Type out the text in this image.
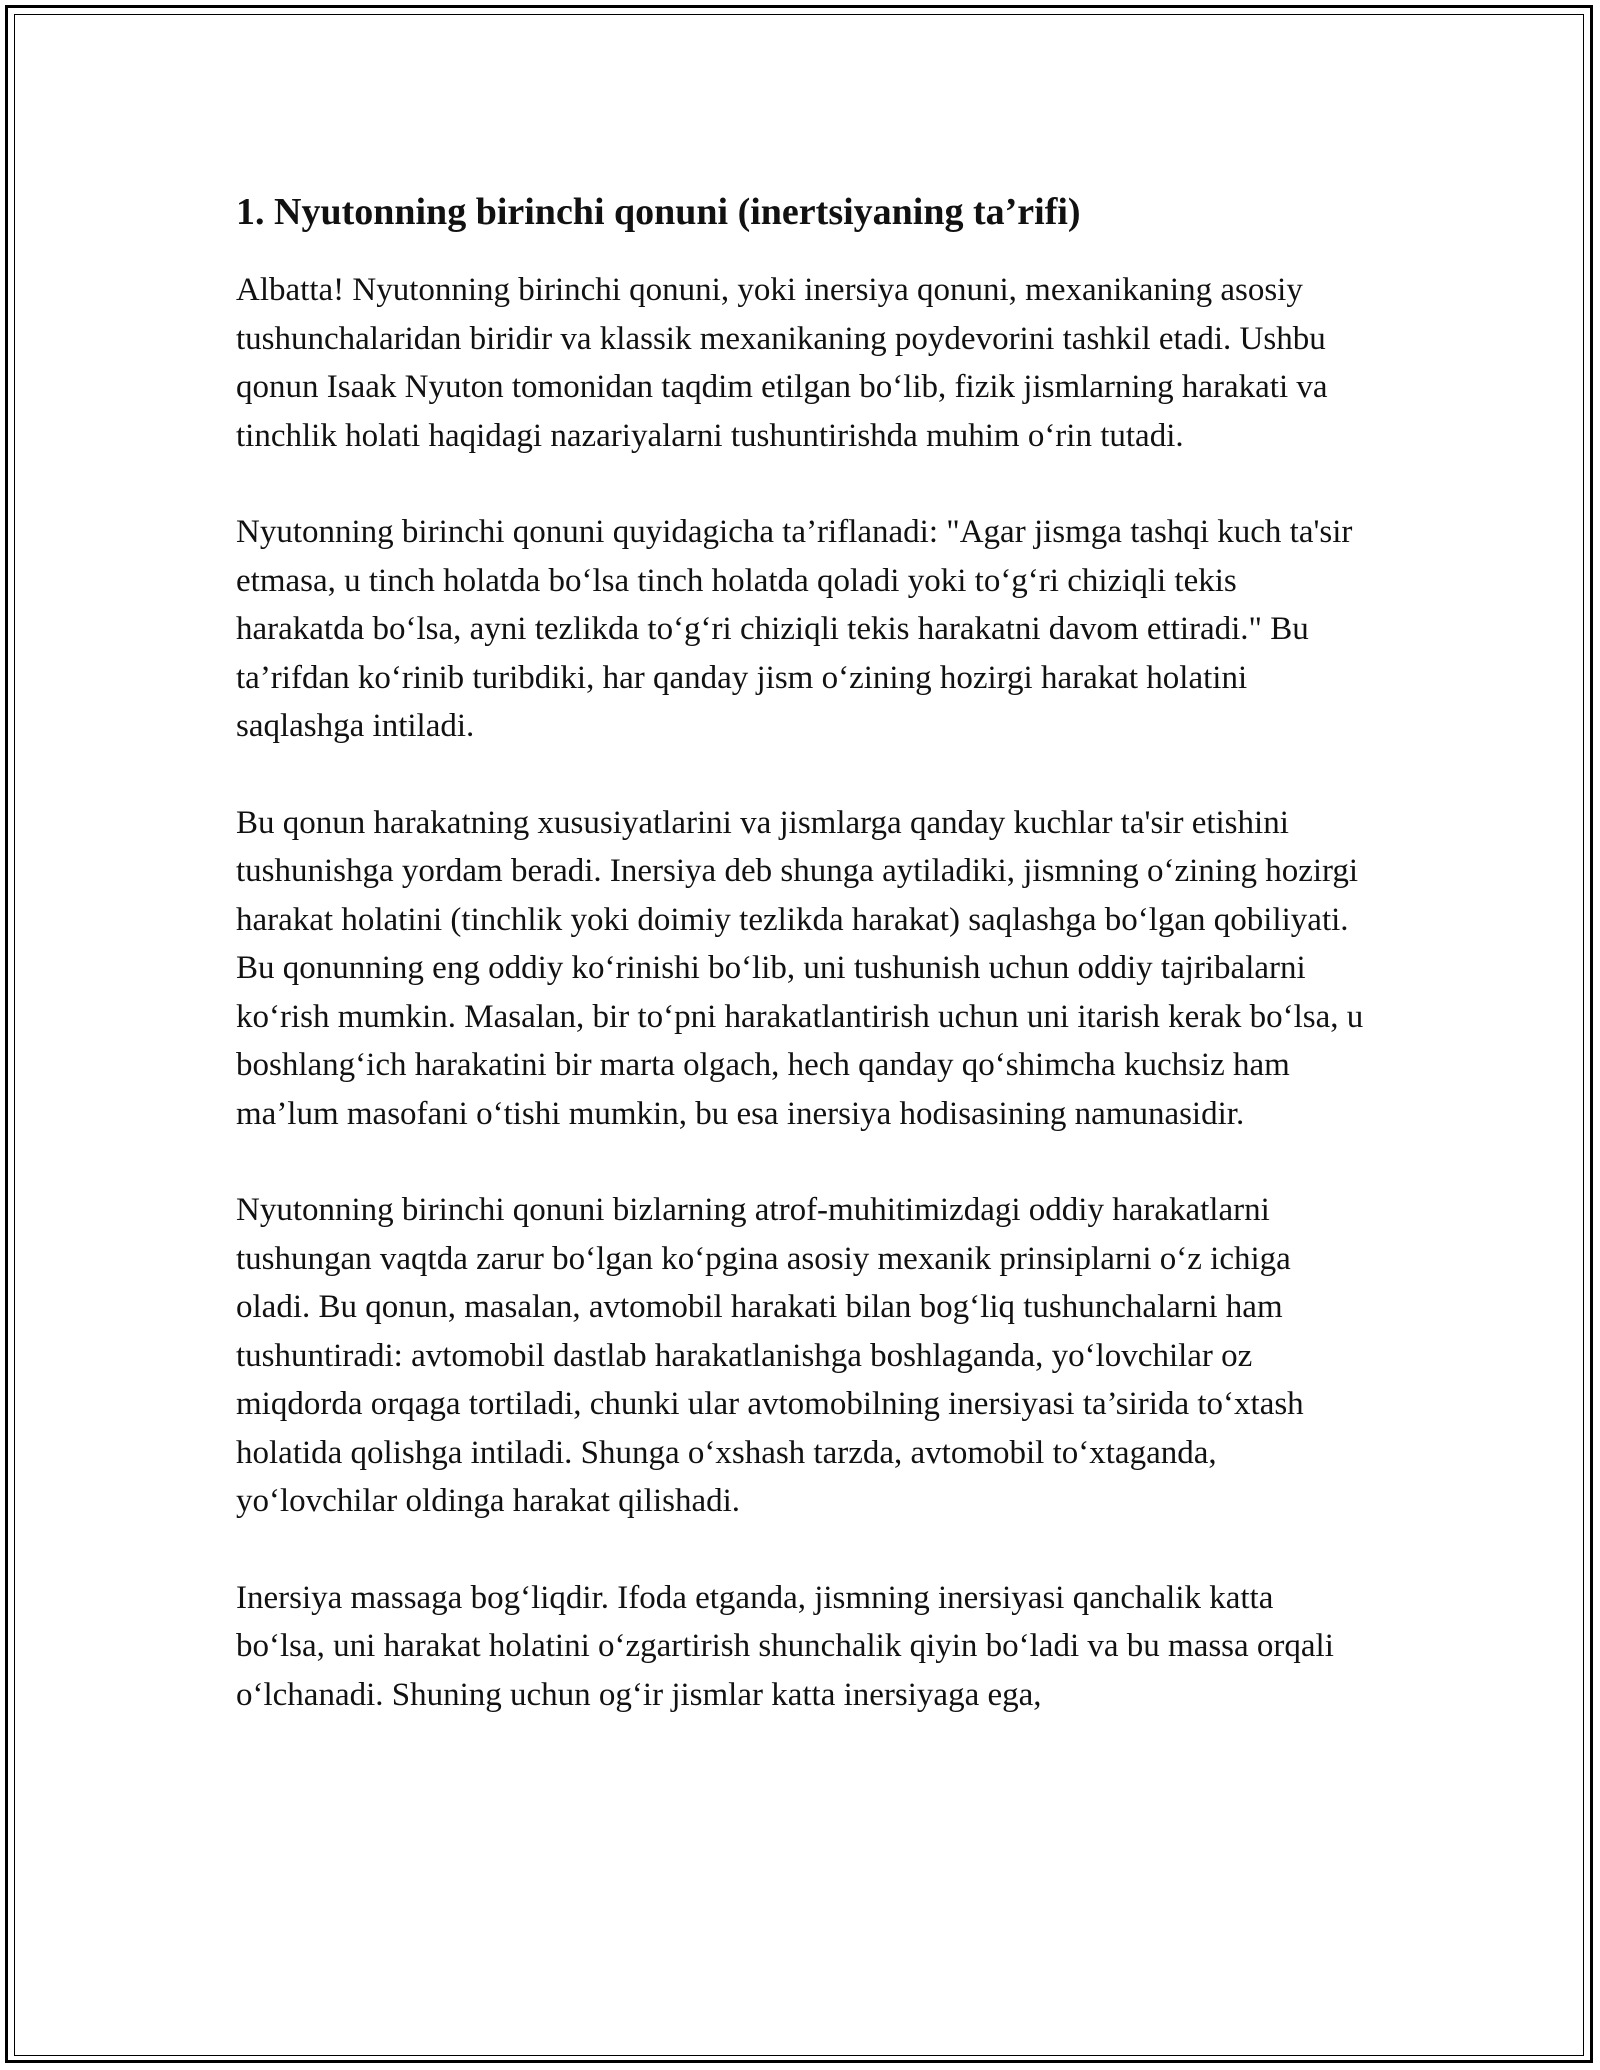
1. Nyutonning birinchi qonuni (inertsiyaning ta’rifi)

Albatta! Nyutonning birinchi qonuni, yoki inersiya qonuni, mexanikaning asosiy tushunchalaridan biridir va klassik mexanikaning poydevorini tashkil etadi. Ushbu qonun Isaak Nyuton tomonidan taqdim etilgan bo‘lib, fizik jismlarning harakati va tinchlik holati haqidagi nazariyalarni tushuntirishda muhim o‘rin tutadi.

Nyutonning birinchi qonuni quyidagicha ta’riflanadi: "Agar jismga tashqi kuch ta'sir etmasa, u tinch holatda bo‘lsa tinch holatda qoladi yoki to‘g‘ri chiziqli tekis harakatda bo‘lsa, ayni tezlikda to‘g‘ri chiziqli tekis harakatni davom ettiradi." Bu ta’rifdan ko‘rinib turibdiki, har qanday jism o‘zining hozirgi harakat holatini saqlashga intiladi.

Bu qonun harakatning xususiyatlarini va jismlarga qanday kuchlar ta'sir etishini tushunishga yordam beradi. Inersiya deb shunga aytiladiki, jismning o‘zining hozirgi harakat holatini (tinchlik yoki doimiy tezlikda harakat) saqlashga bo‘lgan qobiliyati. Bu qonunning eng oddiy ko‘rinishi bo‘lib, uni tushunish uchun oddiy tajribalarni ko‘rish mumkin. Masalan, bir to‘pni harakatlantirish uchun uni itarish kerak bo‘lsa, u boshlang‘ich harakatini bir marta olgach, hech qanday qo‘shimcha kuchsiz ham ma’lum masofani o‘tishi mumkin, bu esa inersiya hodisasining namunasidir.

Nyutonning birinchi qonuni bizlarning atrof-muhitimizdagi oddiy harakatlarni tushungan vaqtda zarur bo‘lgan ko‘pgina asosiy mexanik prinsiplarni o‘z ichiga oladi. Bu qonun, masalan, avtomobil harakati bilan bog‘liq tushunchalarni ham tushuntiradi: avtomobil dastlab harakatlanishga boshlaganda, yo‘lovchilar oz miqdorda orqaga tortiladi, chunki ular avtomobilning inersiyasi ta’sirida to‘xtash holatida qolishga intiladi. Shunga o‘xshash tarzda, avtomobil to‘xtaganda, yo‘lovchilar oldinga harakat qilishadi.

Inersiya massaga bog‘liqdir. Ifoda etganda, jismning inersiyasi qanchalik katta bo‘lsa, uni harakat holatini o‘zgartirish shunchalik qiyin bo‘ladi va bu massa orqali o‘lchanadi. Shuning uchun og‘ir jismlar katta inersiyaga ega,
